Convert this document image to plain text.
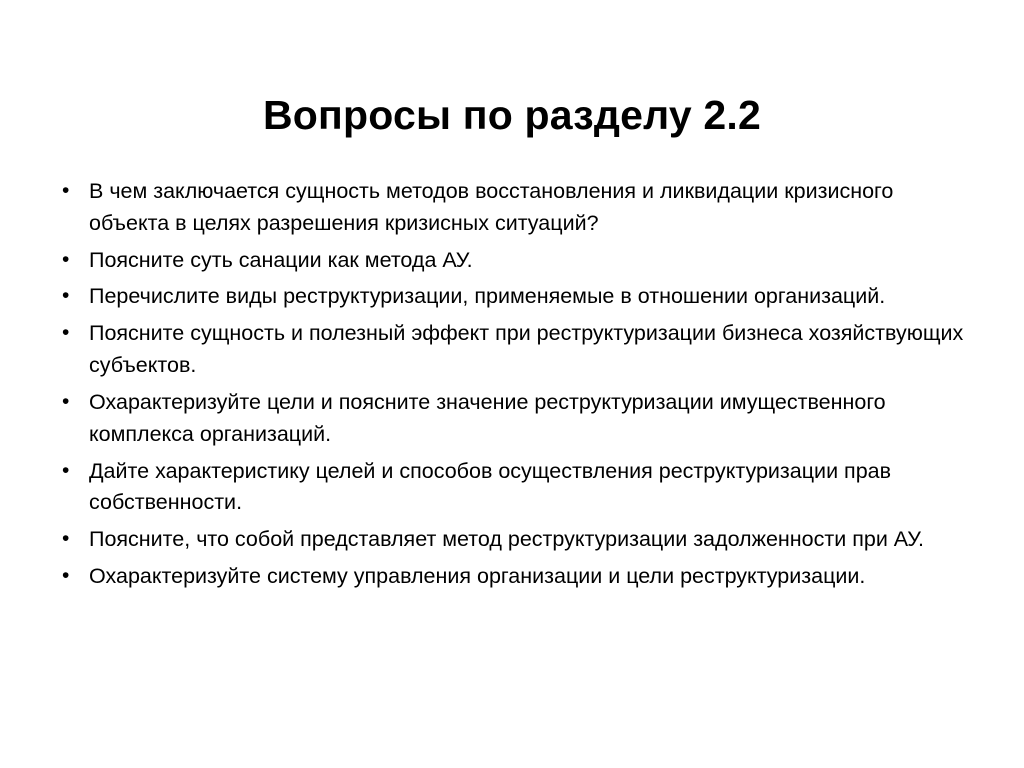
Вопросы по разделу 2.2
• В чем заключается сущность методов восстановления и ликвидации кризисного объекта в целях разрешения кризисных ситуаций?
• Поясните суть санации как метода АУ.
• Перечислите виды реструктуризации, применяемые в отношении организаций.
• Поясните сущность и полезный эффект при реструктуризации бизнеса хозяйствующих субъектов.
• Охарактеризуйте цели и поясните значение реструктуризации имущественного комплекса организаций.
• Дайте характеристику целей и способов осуществления реструктуризации прав собственности.
• Поясните, что собой представляет метод реструктуризации задолженности при АУ.
• Охарактеризуйте систему управления организации и цели реструктуризации.
